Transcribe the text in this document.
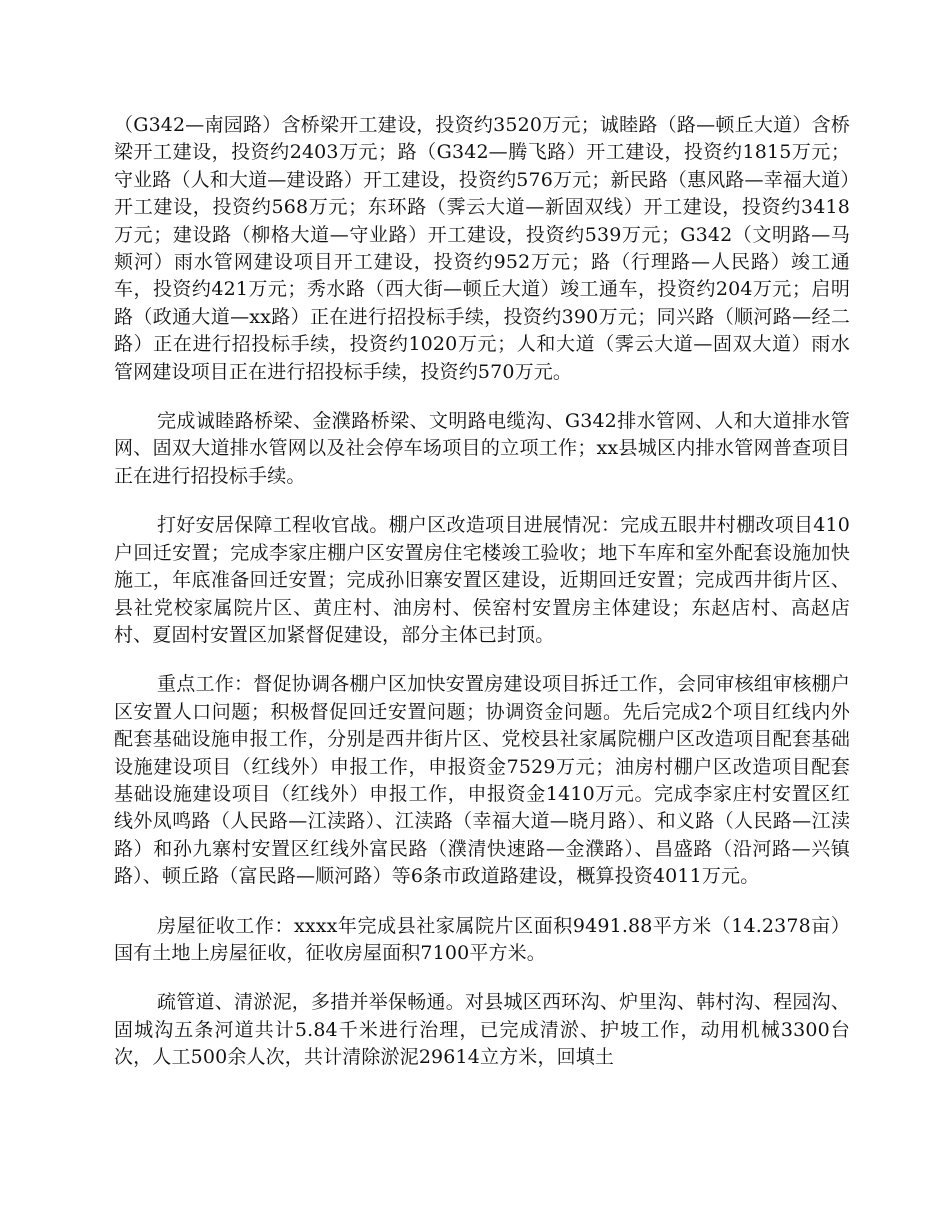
（G342—南园路）含桥梁开工建设，投资约3520万元；诚睦路（路—顿丘大道）含桥梁开工建设，投资约2403万元；路（G342—腾飞路）开工建设，投资约1815万元；守业路（人和大道—建设路）开工建设，投资约576万元；新民路（惠风路—幸福大道）开工建设，投资约568万元；东环路（霁云大道—新固双线）开工建设，投资约3418万元；建设路（柳格大道—守业路）开工建设，投资约539万元；G342（文明路—马颊河）雨水管网建设项目开工建设，投资约952万元；路（行理路—人民路）竣工通车，投资约421万元；秀水路（西大街—顿丘大道）竣工通车，投资约204万元；启明路（政通大道—xx路）正在进行招投标手续，投资约390万元；同兴路（顺河路—经二路）正在进行招投标手续，投资约1020万元；人和大道（霁云大道—固双大道）雨水管网建设项目正在进行招投标手续，投资约570万元。

完成诚睦路桥梁、金濮路桥梁、文明路电缆沟、G342排水管网、人和大道排水管网、固双大道排水管网以及社会停车场项目的立项工作；xx县城区内排水管网普查项目正在进行招投标手续。

打好安居保障工程收官战。棚户区改造项目进展情况：完成五眼井村棚改项目410户回迁安置；完成李家庄棚户区安置房住宅楼竣工验收；地下车库和室外配套设施加快施工，年底准备回迁安置；完成孙旧寨安置区建设，近期回迁安置；完成西井街片区、县社党校家属院片区、黄庄村、油房村、侯窑村安置房主体建设；东赵店村、高赵店村、夏固村安置区加紧督促建设，部分主体已封顶。

重点工作：督促协调各棚户区加快安置房建设项目拆迁工作，会同审核组审核棚户区安置人口问题；积极督促回迁安置问题；协调资金问题。先后完成2个项目红线内外配套基础设施申报工作，分别是西井街片区、党校县社家属院棚户区改造项目配套基础设施建设项目（红线外）申报工作，申报资金7529万元；油房村棚户区改造项目配套基础设施建设项目（红线外）申报工作，申报资金1410万元。完成李家庄村安置区红线外凤鸣路（人民路—江渎路）、江渎路（幸福大道—晓月路）、和义路（人民路—江渎路）和孙九寨村安置区红线外富民路（濮清快速路—金濮路）、昌盛路（沿河路—兴镇路）、顿丘路（富民路—顺河路）等6条市政道路建设，概算投资4011万元。

房屋征收工作：xxxx年完成县社家属院片区面积9491.88平方米（14.2378亩）国有土地上房屋征收，征收房屋面积7100平方米。

疏管道、清淤泥，多措并举保畅通。对县城区西环沟、炉里沟、韩村沟、程园沟、固城沟五条河道共计5.84千米进行治理，已完成清淤、护坡工作，动用机械3300台次，人工500余人次，共计清除淤泥29614立方米，回填土
